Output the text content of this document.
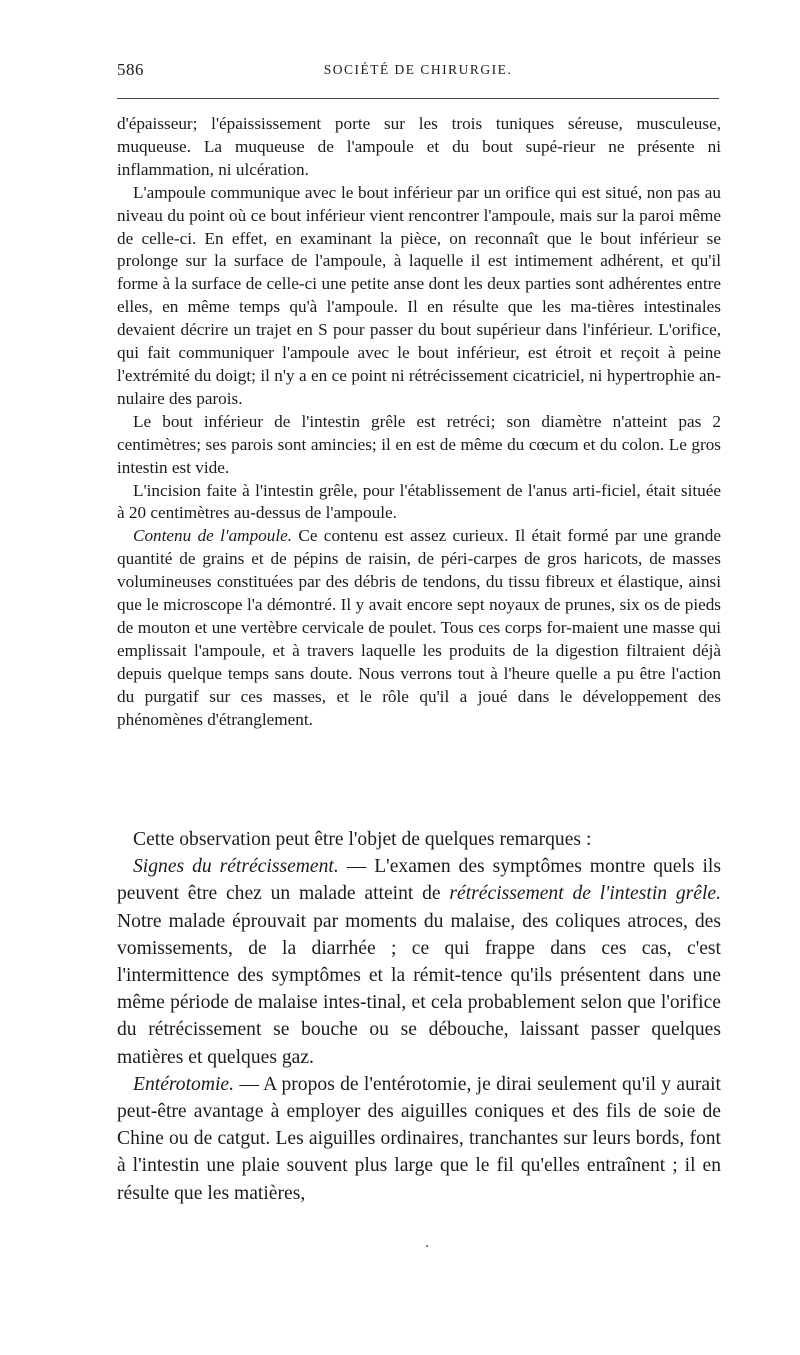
586	SOCIÉTÉ DE CHIRURGIE.

d'épaisseur; l'épaississement porte sur les trois tuniques séreuse, musculeuse, muqueuse. La muqueuse de l'ampoule et du bout supé-rieur ne présente ni inflammation, ni ulcération.

L'ampoule communique avec le bout inférieur par un orifice qui est situé, non pas au niveau du point où ce bout inférieur vient rencontrer l'ampoule, mais sur la paroi même de celle-ci. En effet, en examinant la pièce, on reconnaît que le bout inférieur se prolonge sur la surface de l'ampoule, à laquelle il est intimement adhérent, et qu'il forme à la surface de celle-ci une petite anse dont les deux parties sont adhérentes entre elles, en même temps qu'à l'ampoule. Il en résulte que les ma-tières intestinales devaient décrire un trajet en S pour passer du bout supérieur dans l'inférieur. L'orifice, qui fait communiquer l'ampoule avec le bout inférieur, est étroit et reçoit à peine l'extrémité du doigt; il n'y a en ce point ni rétrécissement cicatriciel, ni hypertrophie an-nulaire des parois.

Le bout inférieur de l'intestin grêle est retréci; son diamètre n'atteint pas 2 centimètres; ses parois sont amincies; il en est de même du cœcum et du colon. Le gros intestin est vide.

L'incision faite à l'intestin grêle, pour l'établissement de l'anus arti-ficiel, était située à 20 centimètres au-dessus de l'ampoule.

Contenu de l'ampoule. Ce contenu est assez curieux. Il était formé par une grande quantité de grains et de pépins de raisin, de péri-carpes de gros haricots, de masses volumineuses constituées par des débris de tendons, du tissu fibreux et élastique, ainsi que le microscope l'a démontré. Il y avait encore sept noyaux de prunes, six os de pieds de mouton et une vertèbre cervicale de poulet. Tous ces corps for-maient une masse qui emplissait l'ampoule, et à travers laquelle les produits de la digestion filtraient déjà depuis quelque temps sans doute. Nous verrons tout à l'heure quelle a pu être l'action du purgatif sur ces masses, et le rôle qu'il a joué dans le développement des phénomènes d'étranglement.

Cette observation peut être l'objet de quelques remarques :

Signes du rétrécissement. — L'examen des symptômes montre quels ils peuvent être chez un malade atteint de rétrécissement de l'intestin grêle. Notre malade éprouvait par moments du malaise, des coliques atroces, des vomissements, de la diarrhée ; ce qui frappe dans ces cas, c'est l'intermittence des symptômes et la rémit-tence qu'ils présentent dans une même période de malaise intes-tinal, et cela probablement selon que l'orifice du rétrécissement se bouche ou se débouche, laissant passer quelques matières et quelques gaz.

Entérotomie. — A propos de l'entérotomie, je dirai seulement qu'il y aurait peut-être avantage à employer des aiguilles coniques et des fils de soie de Chine ou de catgut. Les aiguilles ordinaires, tranchantes sur leurs bords, font à l'intestin une plaie souvent plus large que le fil qu'elles entraînent ; il en résulte que les matières,
